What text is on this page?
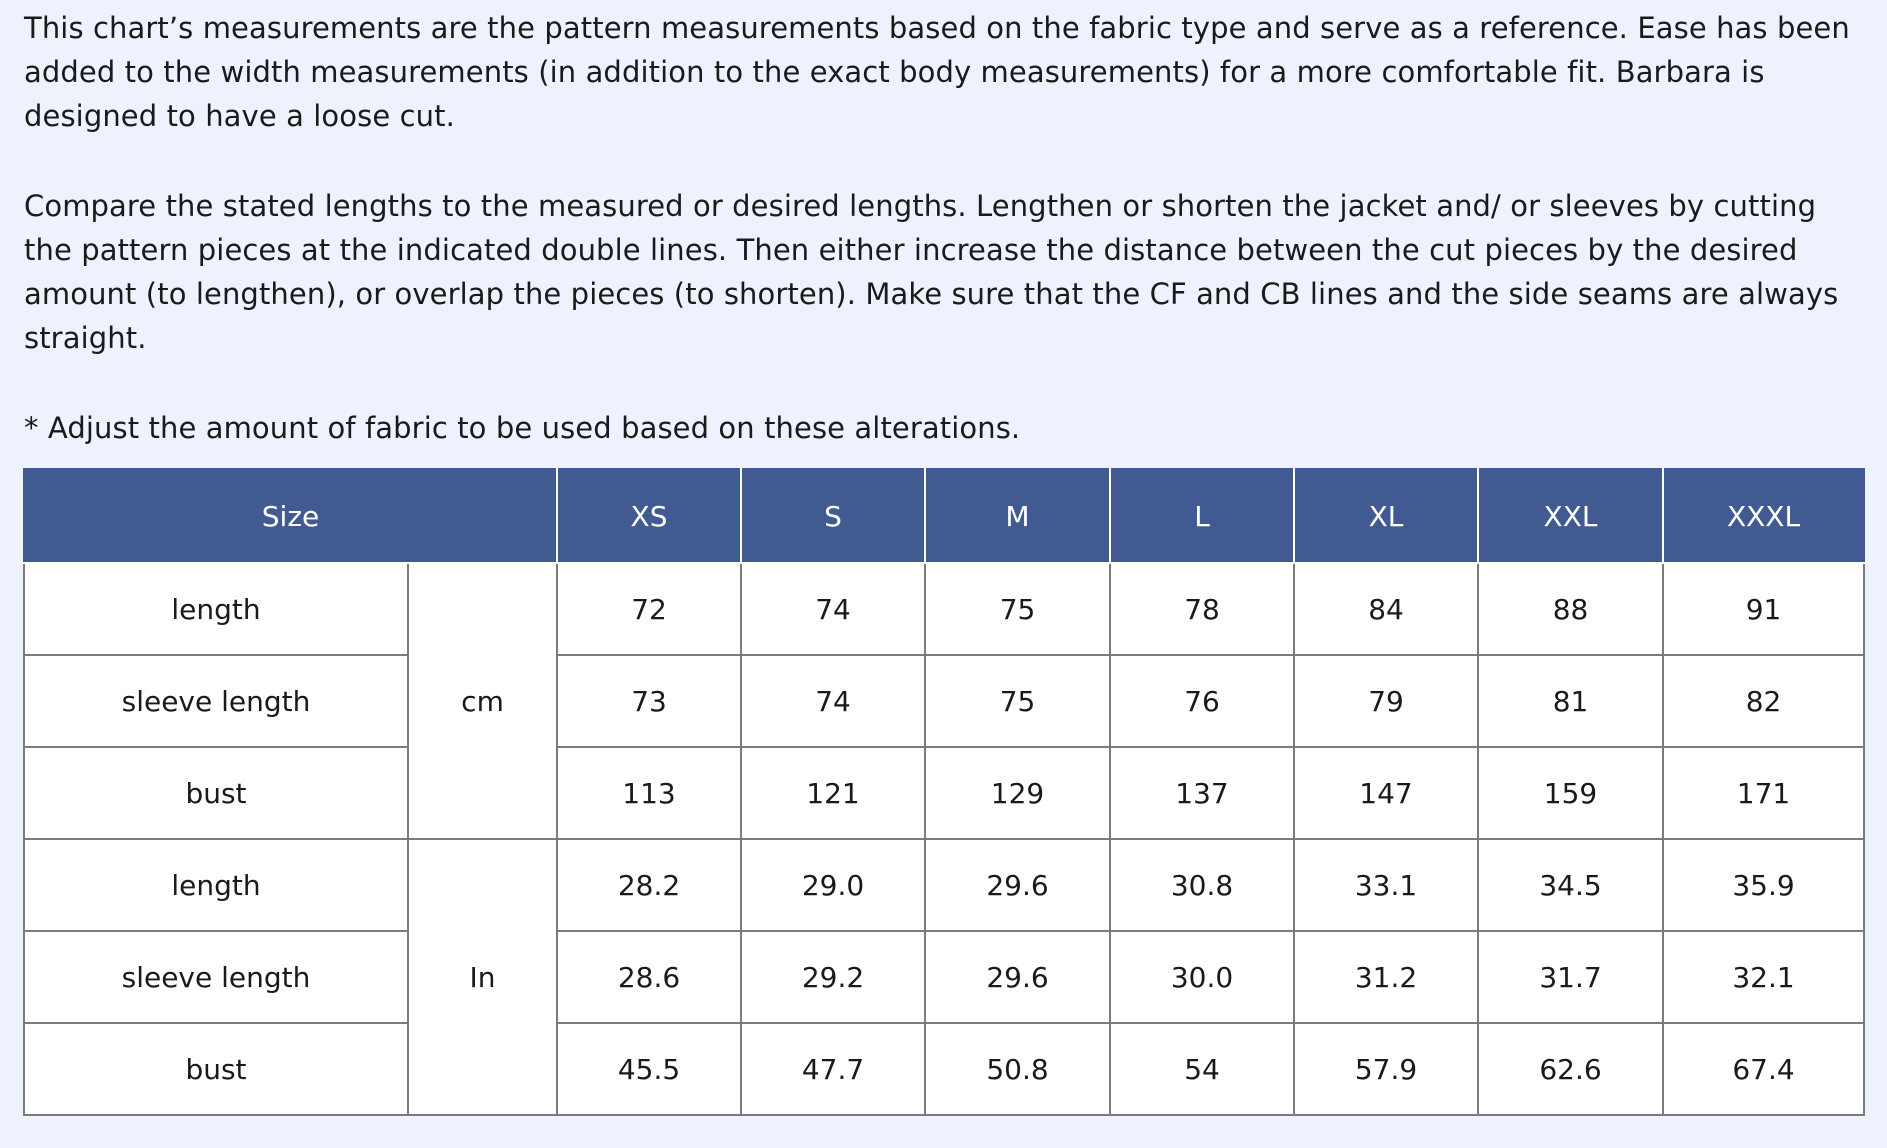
This chart’s measurements are the pattern measurements based on the fabric type and serve as a reference. Ease has been added to the width measurements (in addition to the exact body measurements) for a more comfortable fit. Barbara is designed to have a loose cut.

Compare the stated lengths to the measured or desired lengths. Lengthen or shorten the jacket and/ or sleeves by cutting the pattern pieces at the indicated double lines. Then either increase the distance between the cut pieces by the desired amount (to lengthen), or overlap the pieces (to shorten). Make sure that the CF and CB lines and the side seams are always straight.

* Adjust the amount of fabric to be used based on these alterations.

Size		XS	S	M	L	XL	XXL	XXXL
length	cm	72	74	75	78	84	88	91
sleeve length		73	74	75	76	79	81	82
bust		113	121	129	137	147	159	171
length	In	28.2	29.0	29.6	30.8	33.1	34.5	35.9
sleeve length		28.6	29.2	29.6	30.0	31.2	31.7	32.1
bust		45.5	47.7	50.8	54	57.9	62.6	67.4
